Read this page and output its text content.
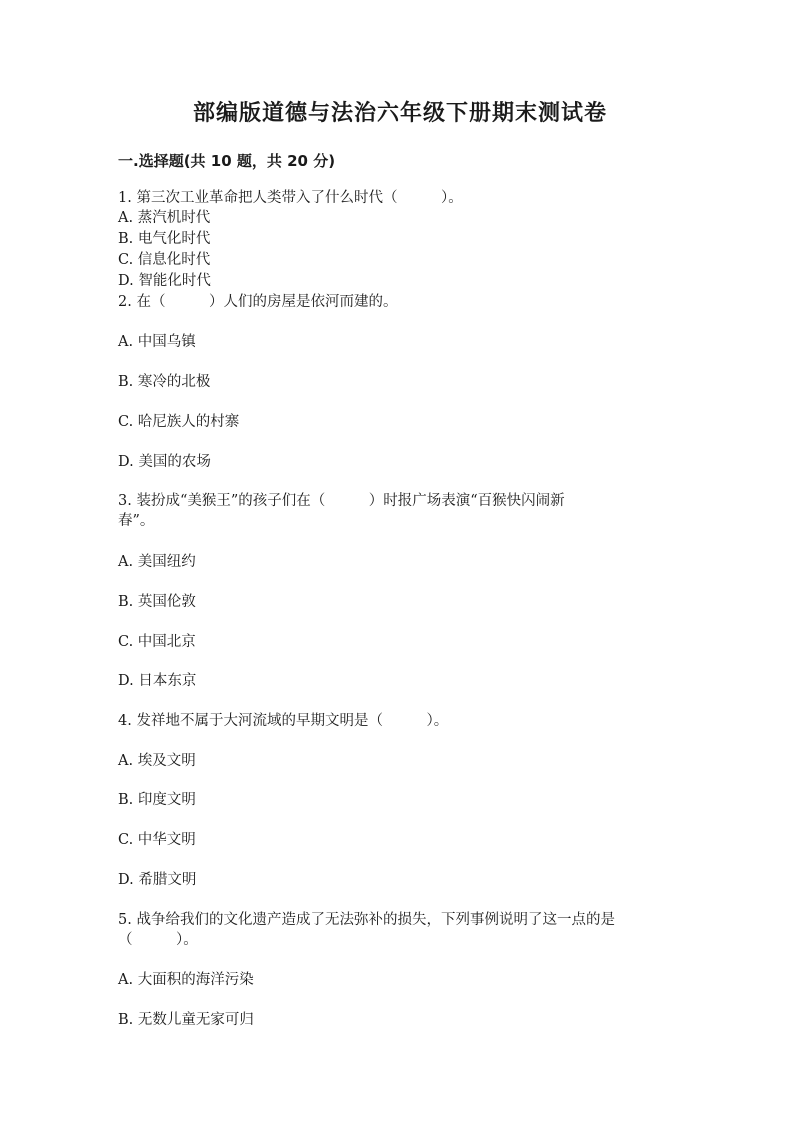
部编版道德与法治六年级下册期末测试卷
一.选择题(共 10 题，共 20 分)
1. 第三次工业革命把人类带入了什么时代（　　　）。
A. 蒸汽机时代
B. 电气化时代
C. 信息化时代
D. 智能化时代
2. 在（　　　）人们的房屋是依河而建的。
A. 中国乌镇
B. 寒冷的北极
C. 哈尼族人的村寨
D. 美国的农场
3. 装扮成“美猴王”的孩子们在（　　　）时报广场表演“百猴快闪闹新
春”。
A. 美国纽约
B. 英国伦敦
C. 中国北京
D. 日本东京
4. 发祥地不属于大河流域的早期文明是（　　　）。
A. 埃及文明
B. 印度文明
C. 中华文明
D. 希腊文明
5. 战争给我们的文化遗产造成了无法弥补的损失，下列事例说明了这一点的是
（　　　）。
A. 大面积的海洋污染
B. 无数儿童无家可归
